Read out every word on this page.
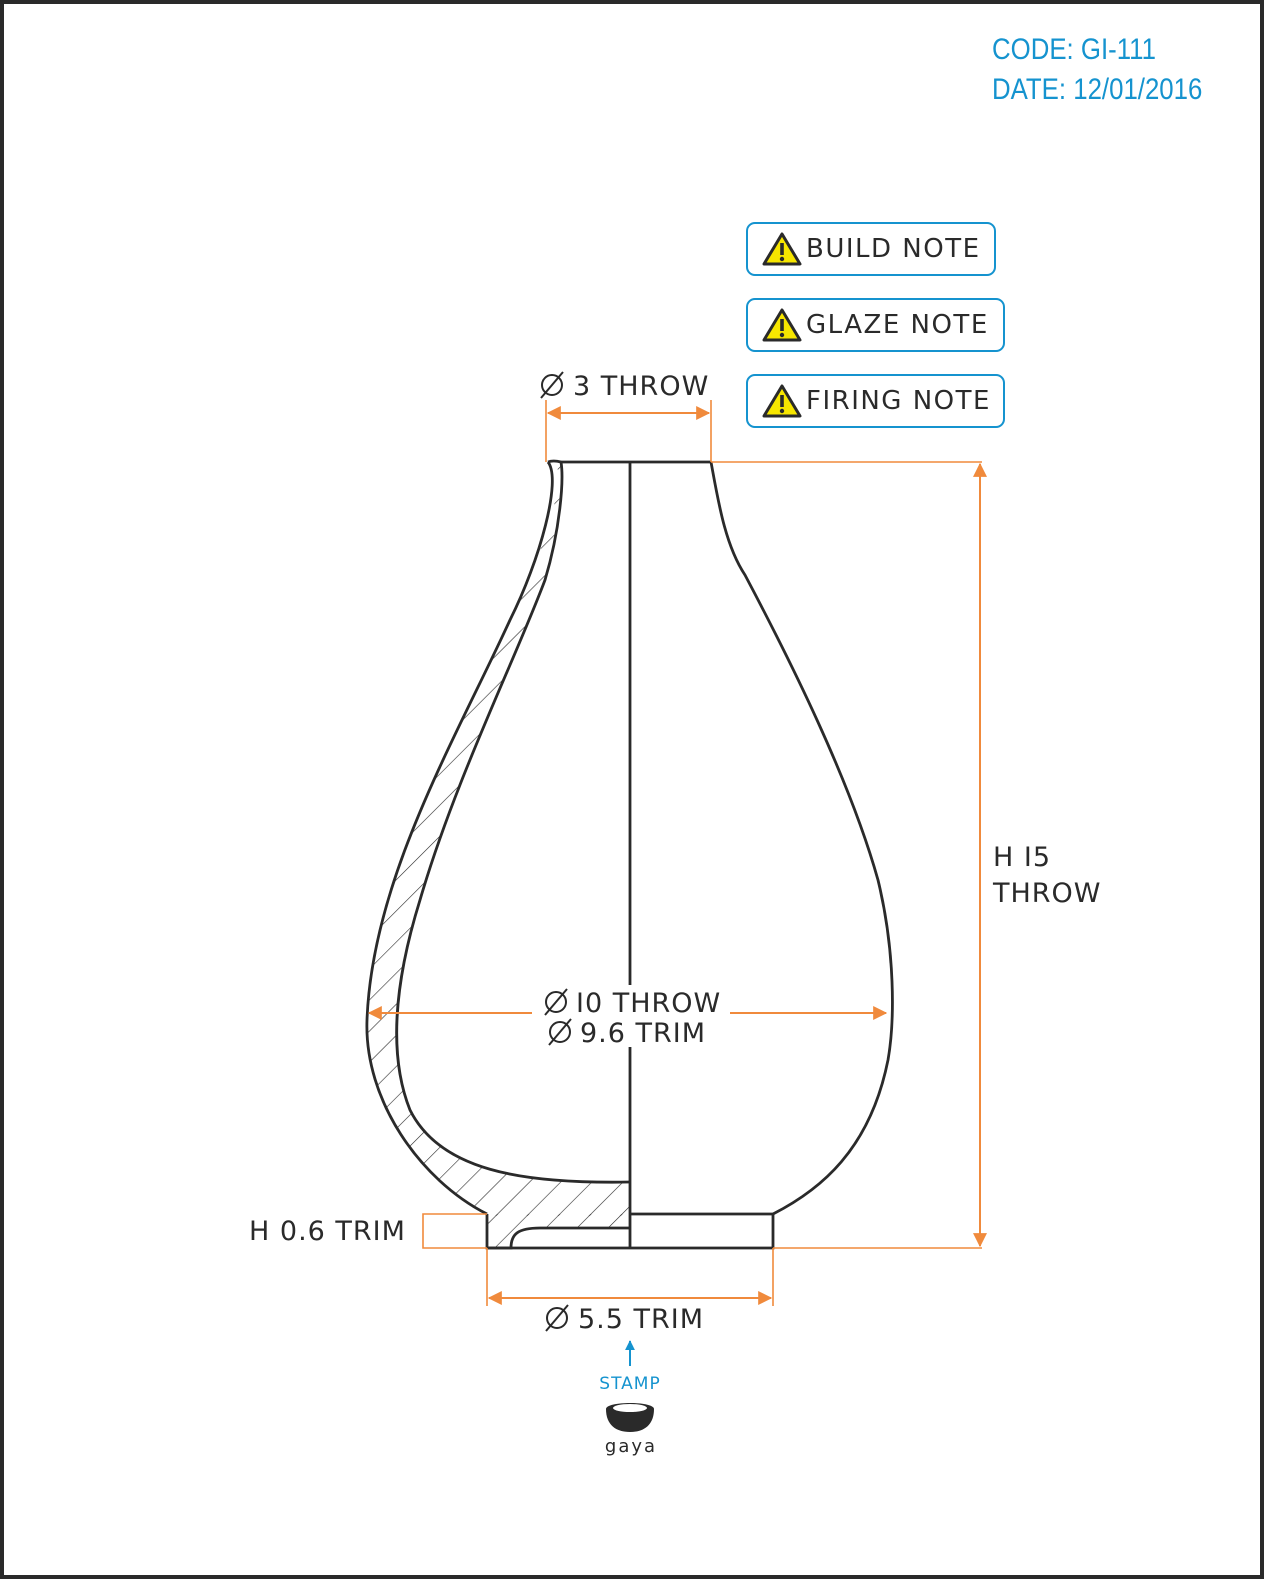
CODE: GI-111
DATE: 12/01/2016
BUILD NOTE
GLAZE NOTE
FIRING NOTE
3 THROW
H I5
THROW
I0 THROW
9.6 TRIM
H 0.6 TRIM
5.5 TRIM
STAMP
gaya
